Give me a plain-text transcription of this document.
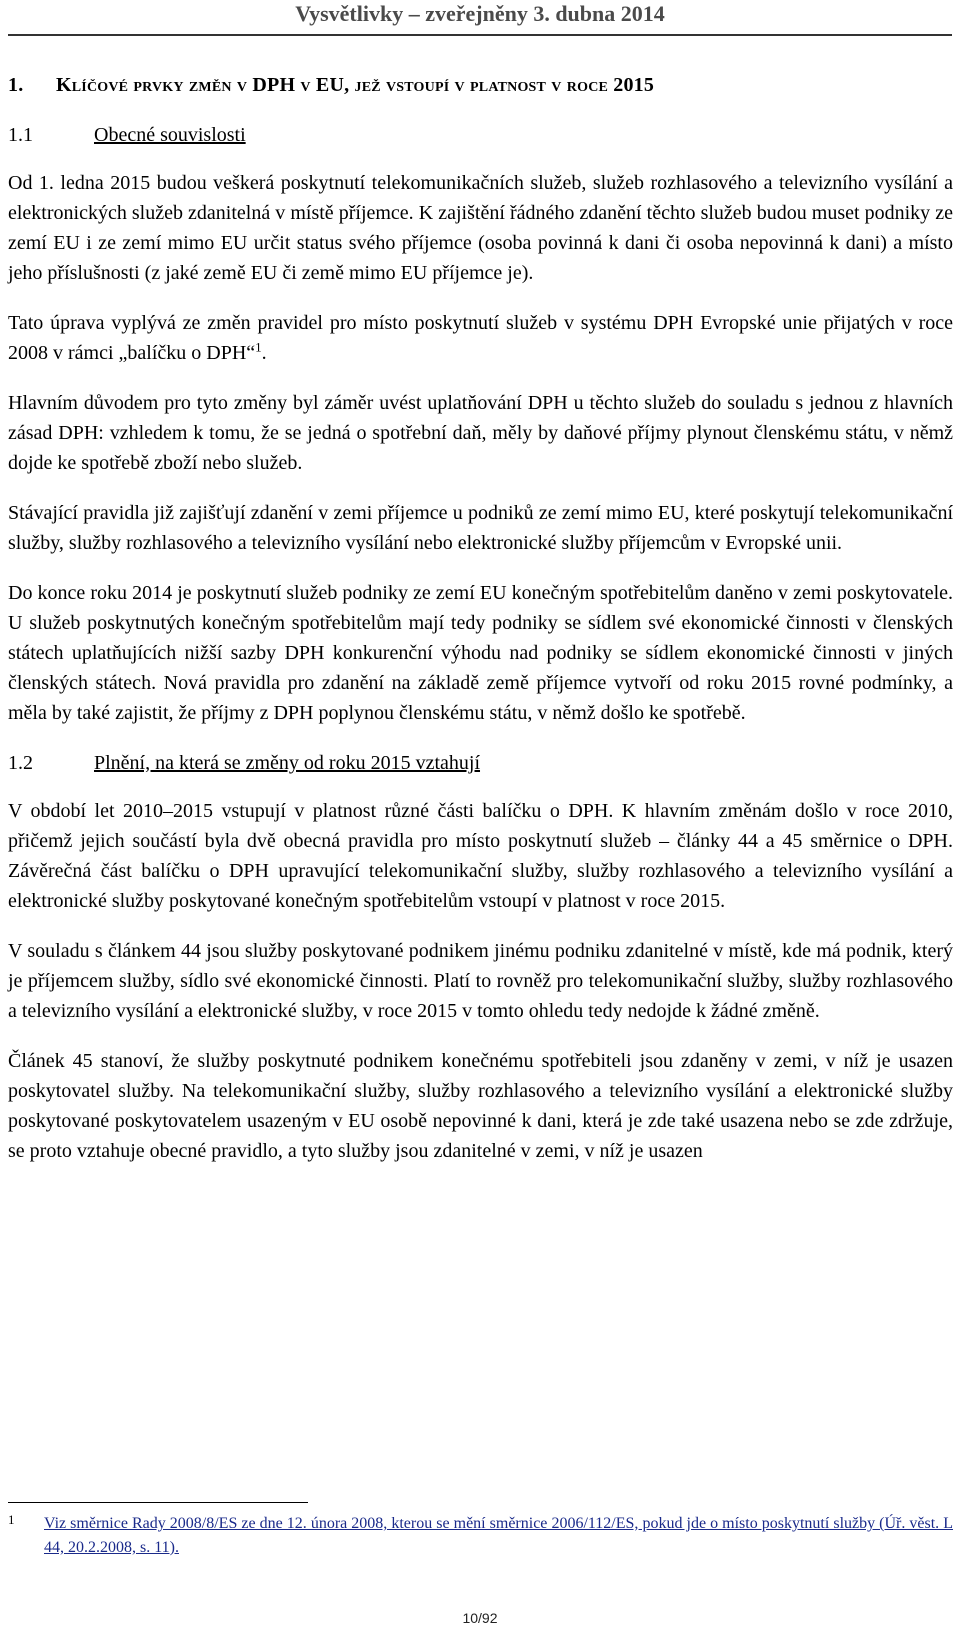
Vysvětlivky – zveřejněny 3. dubna 2014
1. Klíčové prvky změn v DPH v EU, jež vstoupí v platnost v roce 2015
1.1	Obecné souvislosti

Od 1. ledna 2015 budou veškerá poskytnutí telekomunikačních služeb, služeb rozhlasového a televizního vysílání a elektronických služeb zdanitelná v místě příjemce. K zajištění řádného zdanění těchto služeb budou muset podniky ze zemí EU i ze zemí mimo EU určit status svého příjemce (osoba povinná k dani či osoba nepovinná k dani) a místo jeho příslušnosti (z jaké země EU či země mimo EU příjemce je).

Tato úprava vyplývá ze změn pravidel pro místo poskytnutí služeb v systému DPH Evropské unie přijatých v roce 2008 v rámci „balíčku o DPH“$^1$.

Hlavním důvodem pro tyto změny byl záměr uvést uplatňování DPH u těchto služeb do souladu s jednou z hlavních zásad DPH: vzhledem k tomu, že se jedná o spotřební daň, měly by daňové příjmy plynout členskému státu, v němž dojde ke spotřebě zboží nebo služeb.

Stávající pravidla již zajišťují zdanění v zemi příjemce u podniků ze zemí mimo EU, které poskytují telekomunikační služby, služby rozhlasového a televizního vysílání nebo elektronické služby příjemcům v Evropské unii.

Do konce roku 2014 je poskytnutí služeb podniky ze zemí EU konečným spotřebitelům daněno v zemi poskytovatele. U služeb poskytnutých konečným spotřebitelům mají tedy podniky se sídlem své ekonomické činnosti v členských státech uplatňujících nižší sazby DPH konkurenční výhodu nad podniky se sídlem ekonomické činnosti v jiných členských státech. Nová pravidla pro zdanění na základě země příjemce vytvoří od roku 2015 rovné podmínky, a měla by také zajistit, že příjmy z DPH poplynou členskému státu, v němž došlo ke spotřebě.

1.2	Plnění, na která se změny od roku 2015 vztahují

V období let 2010–2015 vstupují v platnost různé části balíčku o DPH. K hlavním změnám došlo v roce 2010, přičemž jejich součástí byla dvě obecná pravidla pro místo poskytnutí služeb – články 44 a 45 směrnice o DPH. Závěrečná část balíčku o DPH upravující telekomunikační služby, služby rozhlasového a televizního vysílání a elektronické služby poskytované konečným spotřebitelům vstoupí v platnost v roce 2015.

V souladu s článkem 44 jsou služby poskytované podnikem jinému podniku zdanitelné v místě, kde má podnik, který je příjemcem služby, sídlo své ekonomické činnosti. Platí to rovněž pro telekomunikační služby, služby rozhlasového a televizního vysílání a elektronické služby, v roce 2015 v tomto ohledu tedy nedojde k žádné změně.

Článek 45 stanoví, že služby poskytnuté podnikem konečnému spotřebiteli jsou zdaněny v zemi, v níž je usazen poskytovatel služby. Na telekomunikační služby, služby rozhlasového a televizního vysílání a elektronické služby poskytované poskytovatelem usazeným v EU osobě nepovinné k dani, která je zde také usazena nebo se zde zdržuje, se proto vztahuje obecné pravidlo, a tyto služby jsou zdanitelné v zemi, v níž je usazen

1 Viz směrnice Rady 2008/8/ES ze dne 12. února 2008, kterou se mění směrnice 2006/112/ES, pokud jde o místo poskytnutí služby (Úř. věst. L 44, 20.2.2008, s. 11).
10/92
